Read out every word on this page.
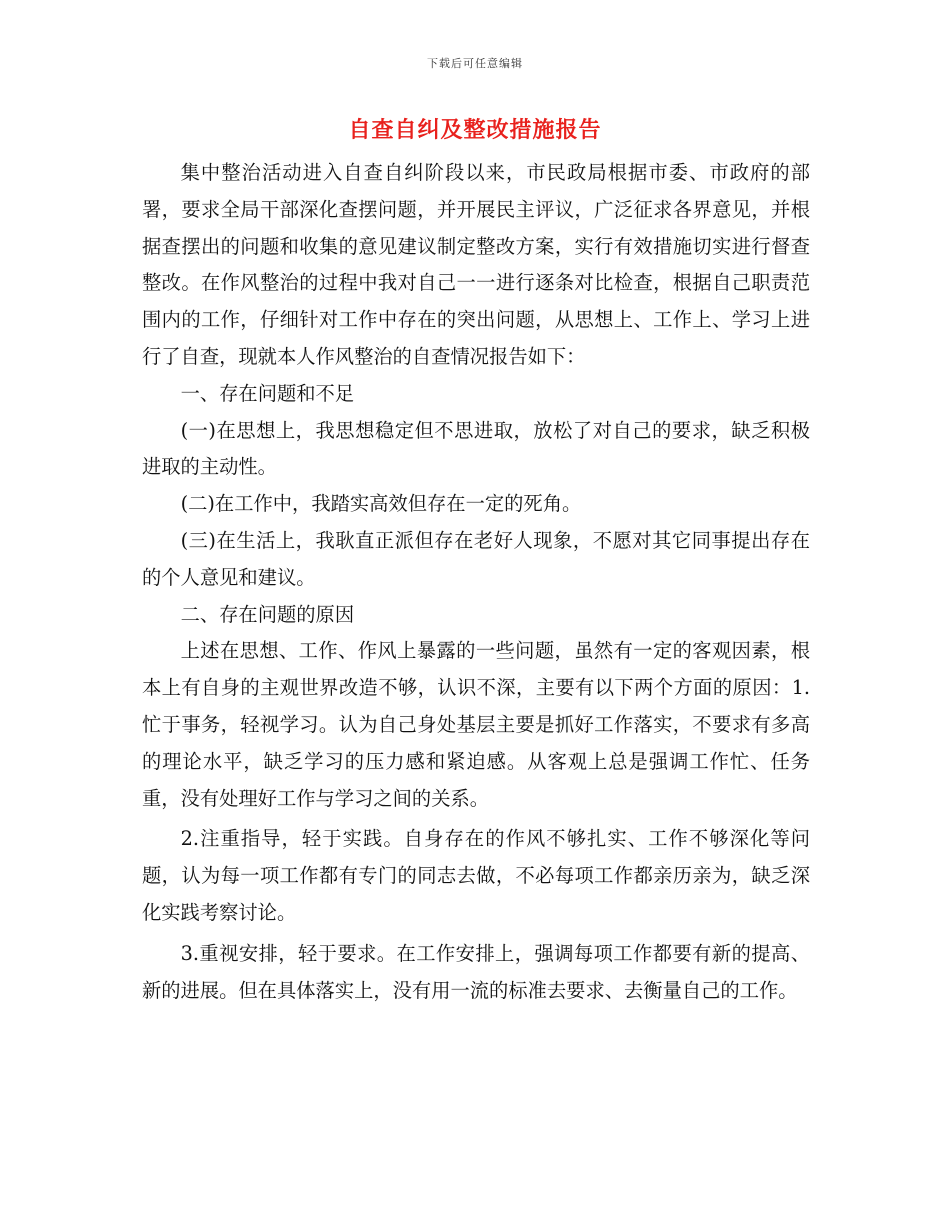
下载后可任意编辑
自查自纠及整改措施报告

集中整治活动进入自查自纠阶段以来，市民政局根据市委、市政府的部署，要求全局干部深化查摆问题，并开展民主评议，广泛征求各界意见，并根据查摆出的问题和收集的意见建议制定整改方案，实行有效措施切实进行督查整改。在作风整治的过程中我对自己一一进行逐条对比检查，根据自己职责范围内的工作，仔细针对工作中存在的突出问题，从思想上、工作上、学习上进行了自查，现就本人作风整治的自查情况报告如下：

一、存在问题和不足

(一)在思想上，我思想稳定但不思进取，放松了对自己的要求，缺乏积极进取的主动性。

(二)在工作中，我踏实高效但存在一定的死角。

(三)在生活上，我耿直正派但存在老好人现象，不愿对其它同事提出存在的个人意见和建议。

二、存在问题的原因

上述在思想、工作、作风上暴露的一些问题，虽然有一定的客观因素，根本上有自身的主观世界改造不够，认识不深，主要有以下两个方面的原因：1.忙于事务，轻视学习。认为自己身处基层主要是抓好工作落实，不要求有多高的理论水平，缺乏学习的压力感和紧迫感。从客观上总是强调工作忙、任务重，没有处理好工作与学习之间的关系。

2.注重指导，轻于实践。自身存在的作风不够扎实、工作不够深化等问题，认为每一项工作都有专门的同志去做，不必每项工作都亲历亲为，缺乏深化实践考察讨论。

3.重视安排，轻于要求。在工作安排上，强调每项工作都要有新的提高、新的进展。但在具体落实上，没有用一流的标准去要求、去衡量自己的工作。
